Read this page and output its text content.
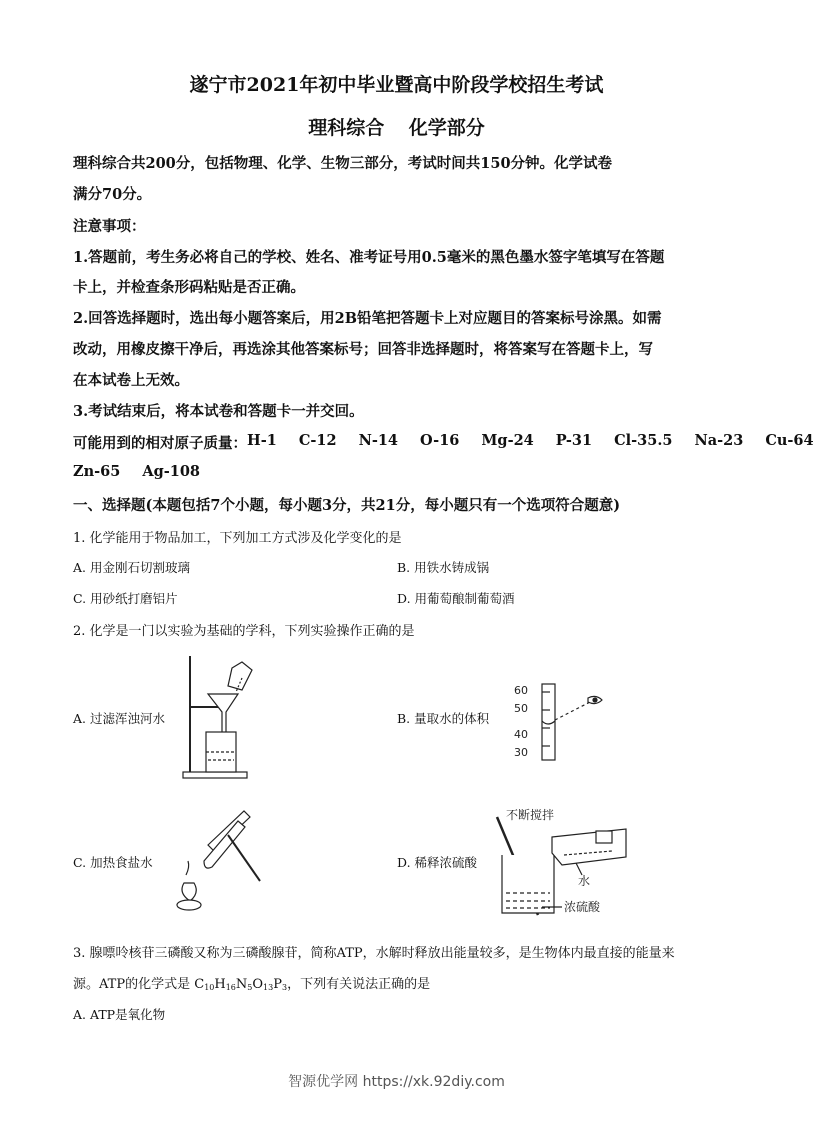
遂宁市2021年初中毕业暨高中阶段学校招生考试
理科综合 化学部分
理科综合共200分，包括物理、化学、生物三部分，考试时间共150分钟。化学试卷
满分70分。
注意事项：
1.答题前，考生务必将自己的学校、姓名、准考证号用0.5毫米的黑色墨水签字笔填写在答题
卡上，并检查条形码粘贴是否正确。
2.回答选择题时，选出每小题答案后，用2B铅笔把答题卡上对应题目的答案标号涂黑。如需
改动，用橡皮擦干净后，再选涂其他答案标号；回答非选择题时，将答案写在答题卡上，写
在本试卷上无效。
3.考试结束后，将本试卷和答题卡一并交回。
可能用到的相对原子质量： H-1 C-12 N-14 O-16 Mg-24 P-31 Cl-35.5 Na-23 Cu-64
Zn-65 Ag-108
一、选择题(本题包括7个小题，每小题3分，共21分，每小题只有一个选项符合题意)
1. 化学能用于物品加工，下列加工方式涉及化学变化的是
A. 用金刚石切割玻璃	B. 用铁水铸成锅
C. 用砂纸打磨铝片	D. 用葡萄酿制葡萄酒
2. 化学是一门以实验为基础的学科，下列实验操作正确的是
A. 过滤浑浊河水	B. 量取水的体积
C. 加热食盐水	D. 稀释浓硫酸
60
50
40
30
不断搅拌
水
浓硫酸
3. 腺嘌呤核苷三磷酸又称为三磷酸腺苷，简称ATP，水解时释放出能量较多，是生物体内最直接的能量来
源。ATP的化学式是 $C_{10}H_{16}N_5O_{13}P_3$，下列有关说法正确的是
A. ATP是氧化物
智源优学网 https://xk.92diy.com
